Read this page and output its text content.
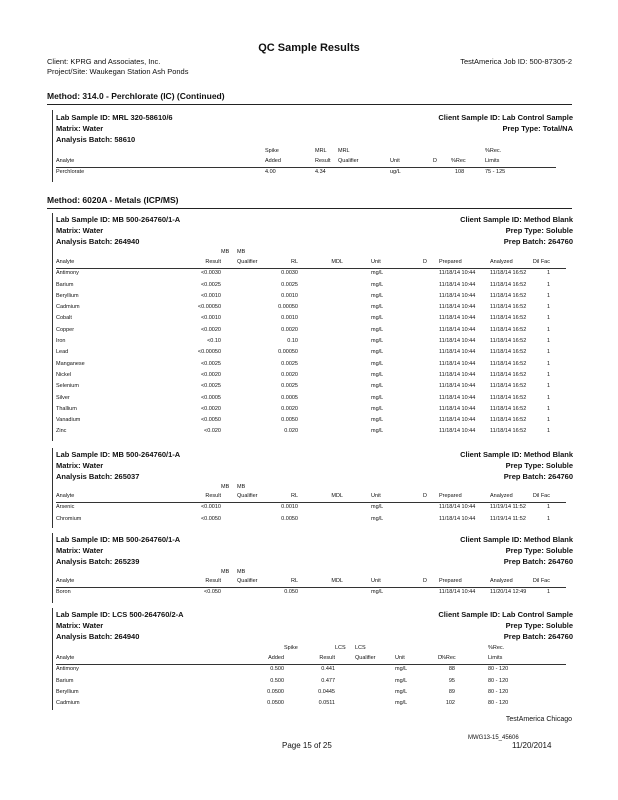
QC Sample Results
Client: KPRG and Associates, Inc.
Project/Site: Waukegan Station Ash Ponds
TestAmerica Job ID: 500-87305-2
Method: 314.0 - Perchlorate (IC) (Continued)
Lab Sample ID: MRL 320-58610/6	Client Sample ID: Lab Control Sample
Matrix: Water	Prep Type: Total/NA
Analysis Batch: 58610
Spike	MRL MRL	%Rec.
Analyte	Added	Result Qualifier	Unit	D	%Rec	Limits
Perchlorate	4.00	4.34	ug/L	108	75 - 125
Method: 6020A - Metals (ICP/MS)
Lab Sample ID: MB 500-264760/1-A	Client Sample ID: Method Blank
Matrix: Water	Prep Type: Soluble
Analysis Batch: 264940	Prep Batch: 264760
MB MB
Analyte	Result	Qualifier	RL	MDL	Unit	D Prepared	Analyzed	Dil Fac
Antimony	<0.0030	0.0030	mg/L	11/18/14 10:44	11/18/14 16:52	1
Barium	<0.0025	0.0025	mg/L	11/18/14 10:44	11/18/14 16:52	1
Beryllium	<0.0010	0.0010	mg/L	11/18/14 10:44	11/18/14 16:52	1
Cadmium	<0.00050	0.00050	mg/L	11/18/14 10:44	11/18/14 16:52	1
Cobalt	<0.0010	0.0010	mg/L	11/18/14 10:44	11/18/14 16:52	1
Copper	<0.0020	0.0020	mg/L	11/18/14 10:44	11/18/14 16:52	1
Iron	<0.10	0.10	mg/L	11/18/14 10:44	11/18/14 16:52	1
Lead	<0.00050	0.00050	mg/L	11/18/14 10:44	11/18/14 16:52	1
Manganese	<0.0025	0.0025	mg/L	11/18/14 10:44	11/18/14 16:52	1
Nickel	<0.0020	0.0020	mg/L	11/18/14 10:44	11/18/14 16:52	1
Selenium	<0.0025	0.0025	mg/L	11/18/14 10:44	11/18/14 16:52	1
Silver	<0.0005	0.0005	mg/L	11/18/14 10:44	11/18/14 16:52	1
Thallium	<0.0020	0.0020	mg/L	11/18/14 10:44	11/18/14 16:52	1
Vanadium	<0.0050	0.0050	mg/L	11/18/14 10:44	11/18/14 16:52	1
Zinc	<0.020	0.020	mg/L	11/18/14 10:44	11/18/14 16:52	1
Lab Sample ID: MB 500-264760/1-A	Client Sample ID: Method Blank
Matrix: Water	Prep Type: Soluble
Analysis Batch: 265037	Prep Batch: 264760
MB MB
Analyte	Result	Qualifier	RL	MDL	Unit	D Prepared	Analyzed	Dil Fac
Arsenic	<0.0010	0.0010	mg/L	11/18/14 10:44	11/19/14 11:52	1
Chromium	<0.0050	0.0050	mg/L	11/18/14 10:44	11/19/14 11:52	1
Lab Sample ID: MB 500-264760/1-A	Client Sample ID: Method Blank
Matrix: Water	Prep Type: Soluble
Analysis Batch: 265239	Prep Batch: 264760
MB MB
Analyte	Result	Qualifier	RL	MDL	Unit	D Prepared	Analyzed	Dil Fac
Boron	<0.050	0.050	mg/L	11/18/14 10:44	11/20/14 12:49	1
Lab Sample ID: LCS 500-264760/2-A	Client Sample ID: Lab Control Sample
Matrix: Water	Prep Type: Soluble
Analysis Batch: 264940	Prep Batch: 264760
Spike	LCS LCS	%Rec.
Analyte	Added	Result	Qualifier	Unit	D %Rec	Limits
Antimony	0.500	0.441	mg/L	88	80 - 120
Barium	0.500	0.477	mg/L	95	80 - 120
Beryllium	0.0500	0.0445	mg/L	89	80 - 120
Cadmium	0.0500	0.0511	mg/L	102	80 - 120
TestAmerica Chicago
Page 15 of 25
MWG13-15_45606
11/20/2014
